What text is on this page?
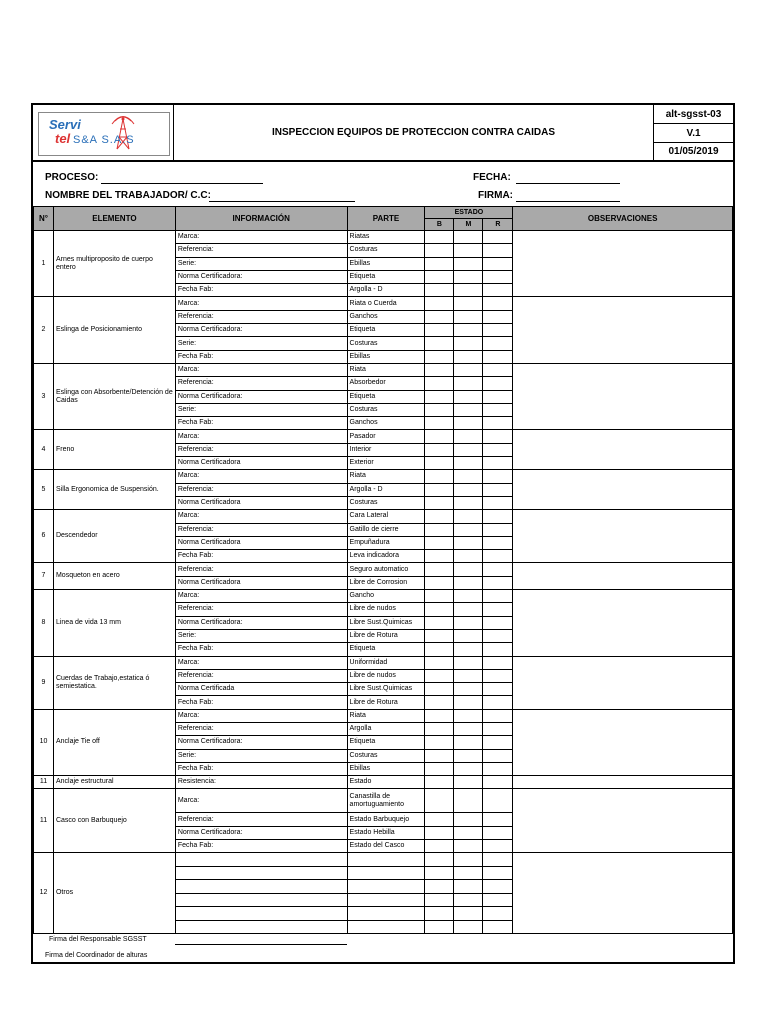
Servi
tel S&A S.A.S
INSPECCION EQUIPOS DE PROTECCION CONTRA CAIDAS
alt-sgsst-03
V.1
01/05/2019
PROCESO:	FECHA:
NOMBRE DEL TRABAJADOR/ C.C:	FIRMA:
N°	ELEMENTO	INFORMACIÓN	PARTE	ESTADO			OBSERVACIONES
				B	M	R	
1	Arnes multiproposito de cuerpo entero	Marca:	Riatas				
		Referencia:	Costuras				
		Serie:	Ebillas				
		Norma Certificadora:	Etiqueta				
		Fecha Fab:	Argolla - D				
2	Eslinga de Posicionamiento	Marca:	Riata o Cuerda				
		Referencia:	Ganchos				
		Norma Certificadora:	Etiqueta				
		Serie:	Costuras				
		Fecha Fab:	Ebillas				
3	Eslinga con Absorbente/Detención de Caidas	Marca:	Riata				
		Referencia:	Absorbedor				
		Norma Certificadora:	Etiqueta				
		Serie:	Costuras				
		Fecha Fab:	Ganchos				
4	Freno	Marca:	Pasador				
		Referencia:	Interior				
		Norma Certificadora	Exterior				
5	Silla Ergonomica de Suspensión.	Marca:	Riata				
		Referencia:	Argolla - D				
		Norma Certificadora	Costuras				
6	Descendedor	Marca:	Cara Lateral				
		Referencia:	Gatillo de cierre				
		Norma Certificadora	Empuñadura				
		Fecha Fab:	Leva indicadora				
7	Mosqueton en acero	Referencia:	Seguro automatico				
		Norma Certificadora	Libre de Corrosion				
8	Linea de vida 13 mm	Marca:	Gancho				
		Referencia:	Libre de nudos				
		Norma Certificadora:	Libre Sust.Quimicas				
		Serie:	Libre de Rotura				
		Fecha Fab:	Etiqueta				
9	Cuerdas de Trabajo,estatica ó semiestatica.	Marca:	Uniformidad				
		Referencia:	Libre de nudos				
		Norma Certificada	Libre Sust.Quimicas				
		Fecha Fab:	Libre de Rotura				
10	Anclaje Tie off	Marca:	Riata				
		Referencia:	Argolla				
		Norma Certificadora:	Etiqueta				
		Serie:	Costuras				
		Fecha Fab:	Ebillas				
11	Anclaje estructural	Resistencia:	Estado				
11	Casco con Barbuquejo	Marca:	Canastilla de amortuguamiento				
		Referencia:	Estado Barbuquejo				
		Norma Certificadora:	Estado Hebilla				
		Fecha Fab:	Estado del Casco				
12	Otros						

Firma del Responsable SGSST
Firma del Coordinador de alturas
